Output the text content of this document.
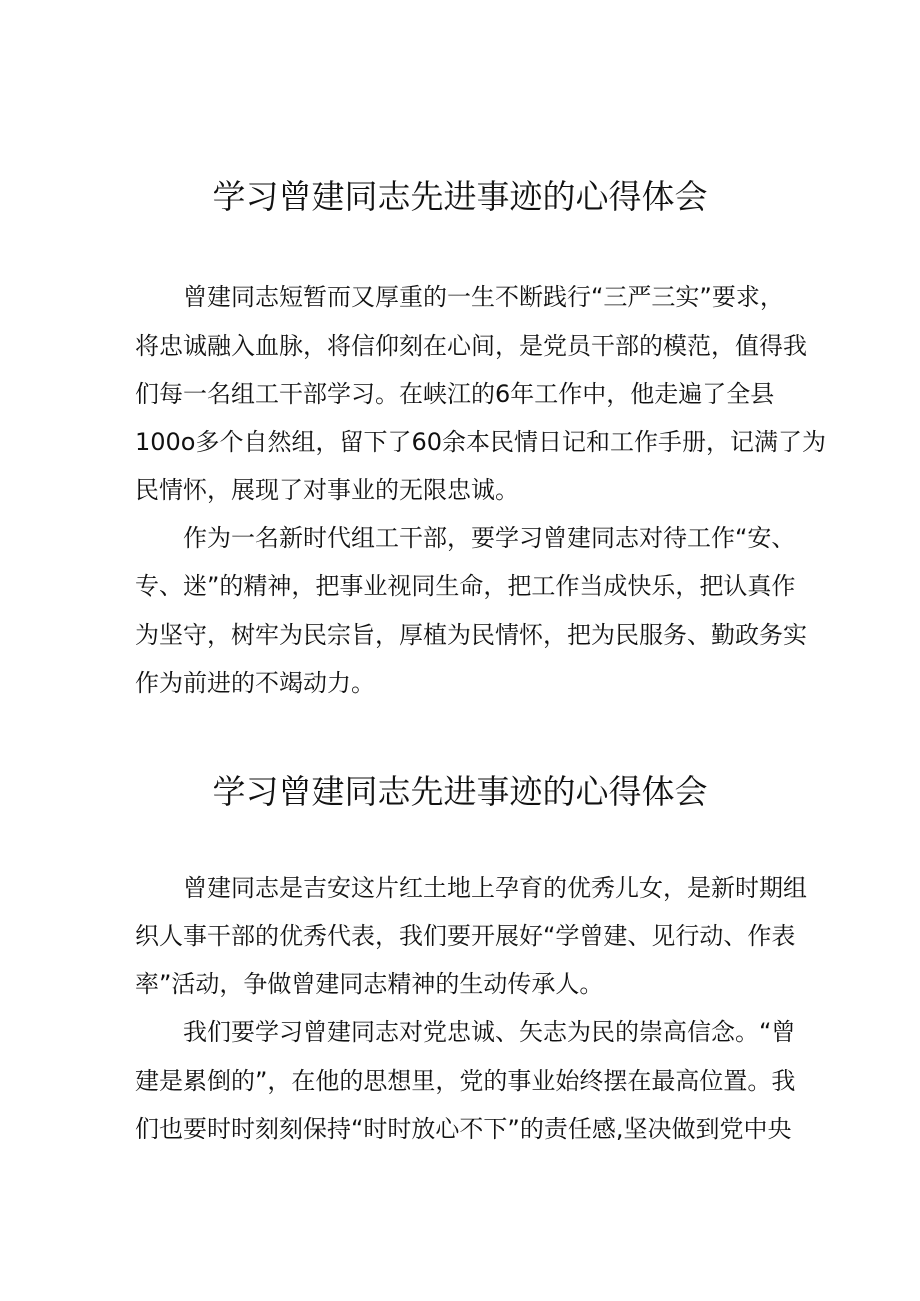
学习曾建同志先进事迹的心得体会

曾建同志短暂而又厚重的一生不断践行“三严三实”要求，

将忠诚融入血脉，将信仰刻在心间，是党员干部的模范，值得我

们每一名组工干部学习。在峡江的6年工作中，他走遍了全县

100o多个自然组，留下了60余本民情日记和工作手册，记满了为

民情怀，展现了对事业的无限忠诚。

作为一名新时代组工干部，要学习曾建同志对待工作“安、

专、迷”的精神，把事业视同生命，把工作当成快乐，把认真作

为坚守，树牢为民宗旨，厚植为民情怀，把为民服务、勤政务实

作为前进的不竭动力。

学习曾建同志先进事迹的心得体会

曾建同志是吉安这片红土地上孕育的优秀儿女，是新时期组

织人事干部的优秀代表，我们要开展好“学曾建、见行动、作表

率”活动，争做曾建同志精神的生动传承人。

我们要学习曾建同志对党忠诚、矢志为民的崇高信念。“曾

建是累倒的”，在他的思想里，党的事业始终摆在最高位置。我

们也要时时刻刻保持“时时放心不下”的责任感,坚决做到党中央
